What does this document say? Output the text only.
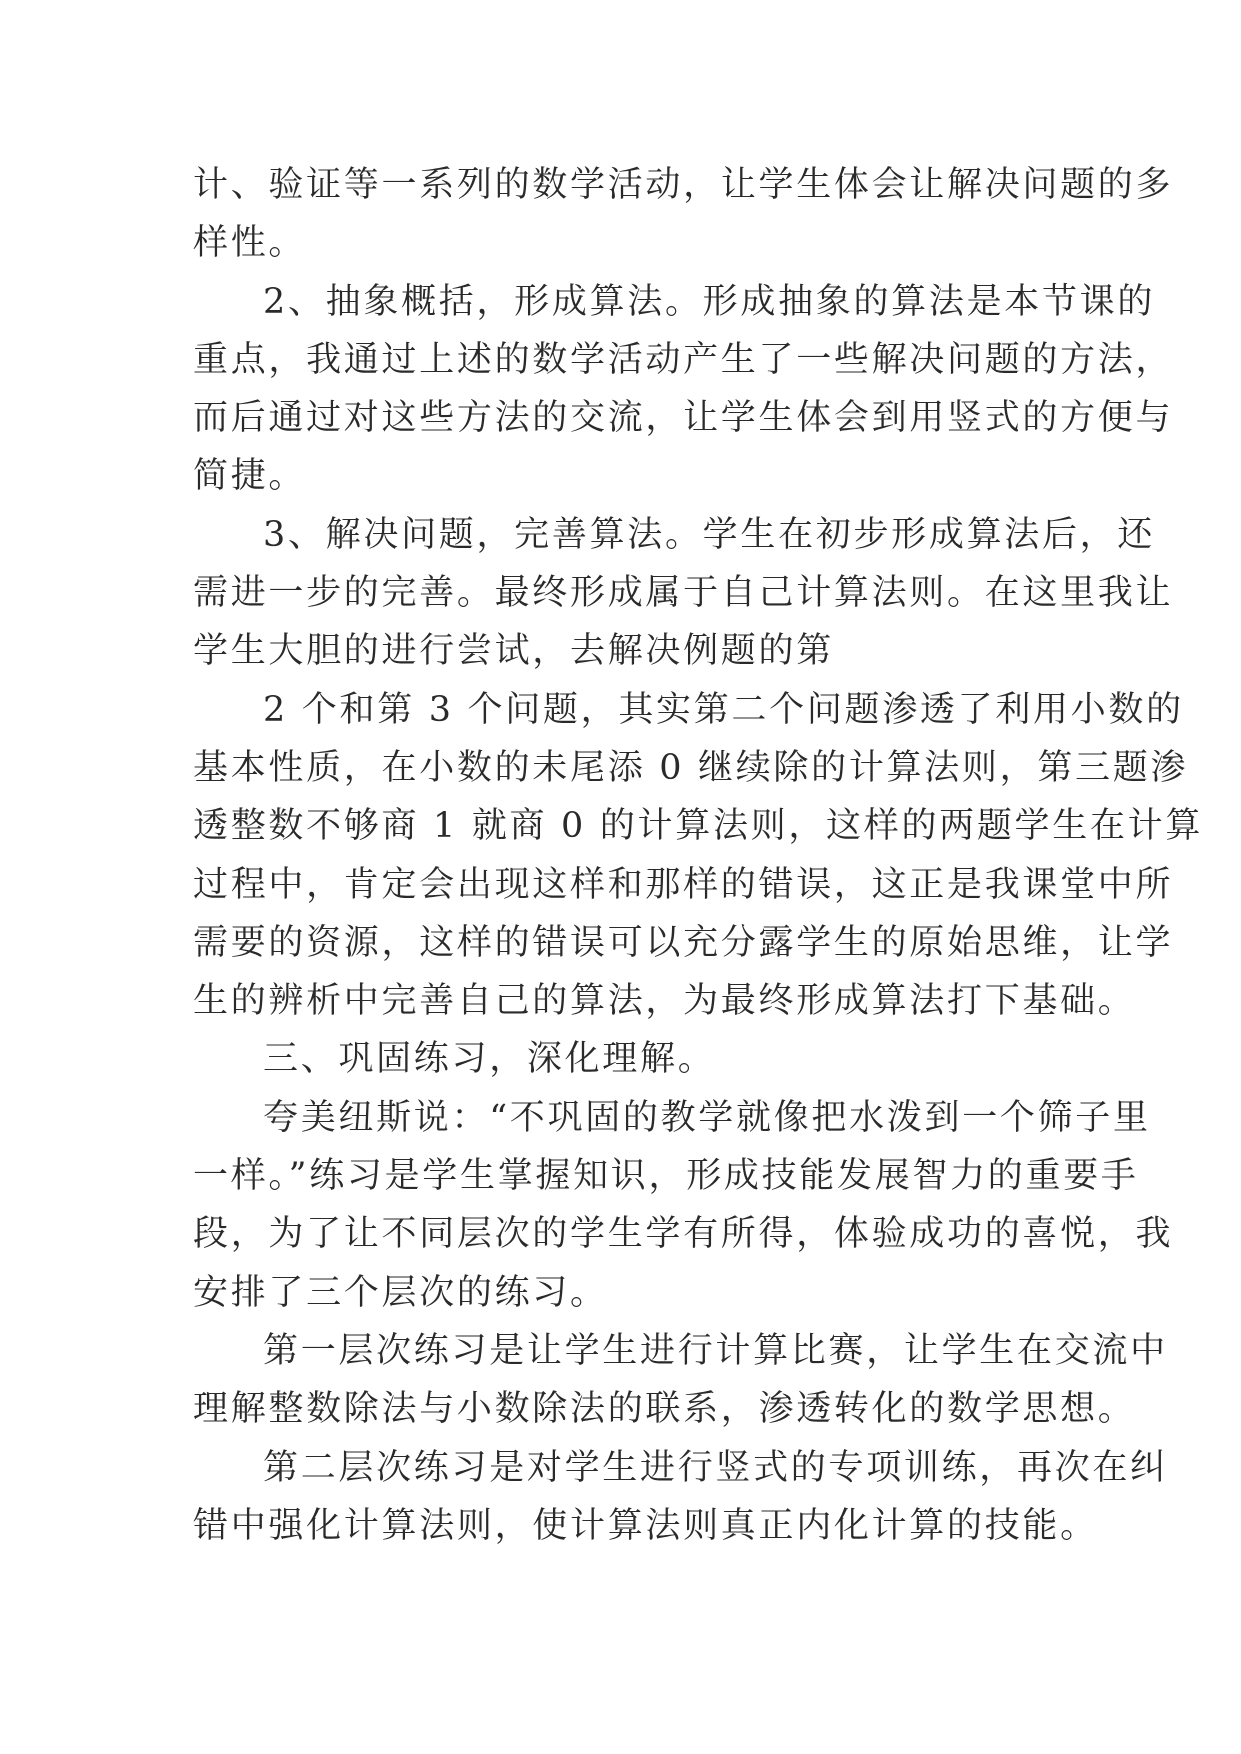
计、验证等一系列的数学活动，让学生体会让解决问题的多

样性。

2、抽象概括，形成算法。形成抽象的算法是本节课的

重点，我通过上述的数学活动产生了一些解决问题的方法，

而后通过对这些方法的交流，让学生体会到用竖式的方便与

简捷。

3、解决问题，完善算法。学生在初步形成算法后，还

需进一步的完善。最终形成属于自己计算法则。在这里我让

学生大胆的进行尝试，去解决例题的第

2 个和第 3 个问题，其实第二个问题渗透了利用小数的

基本性质，在小数的未尾添 0 继续除的计算法则，第三题渗

透整数不够商 1 就商 0 的计算法则，这样的两题学生在计算

过程中，肯定会出现这样和那样的错误，这正是我课堂中所

需要的资源，这样的错误可以充分露学生的原始思维，让学

生的辨析中完善自己的算法，为最终形成算法打下基础。

三、巩固练习，深化理解。

夸美纽斯说：“不巩固的教学就像把水泼到一个筛子里

一样。”练习是学生掌握知识，形成技能发展智力的重要手

段，为了让不同层次的学生学有所得，体验成功的喜悦，我

安排了三个层次的练习。

第一层次练习是让学生进行计算比赛，让学生在交流中

理解整数除法与小数除法的联系，渗透转化的数学思想。

第二层次练习是对学生进行竖式的专项训练，再次在纠

错中强化计算法则，使计算法则真正内化计算的技能。
